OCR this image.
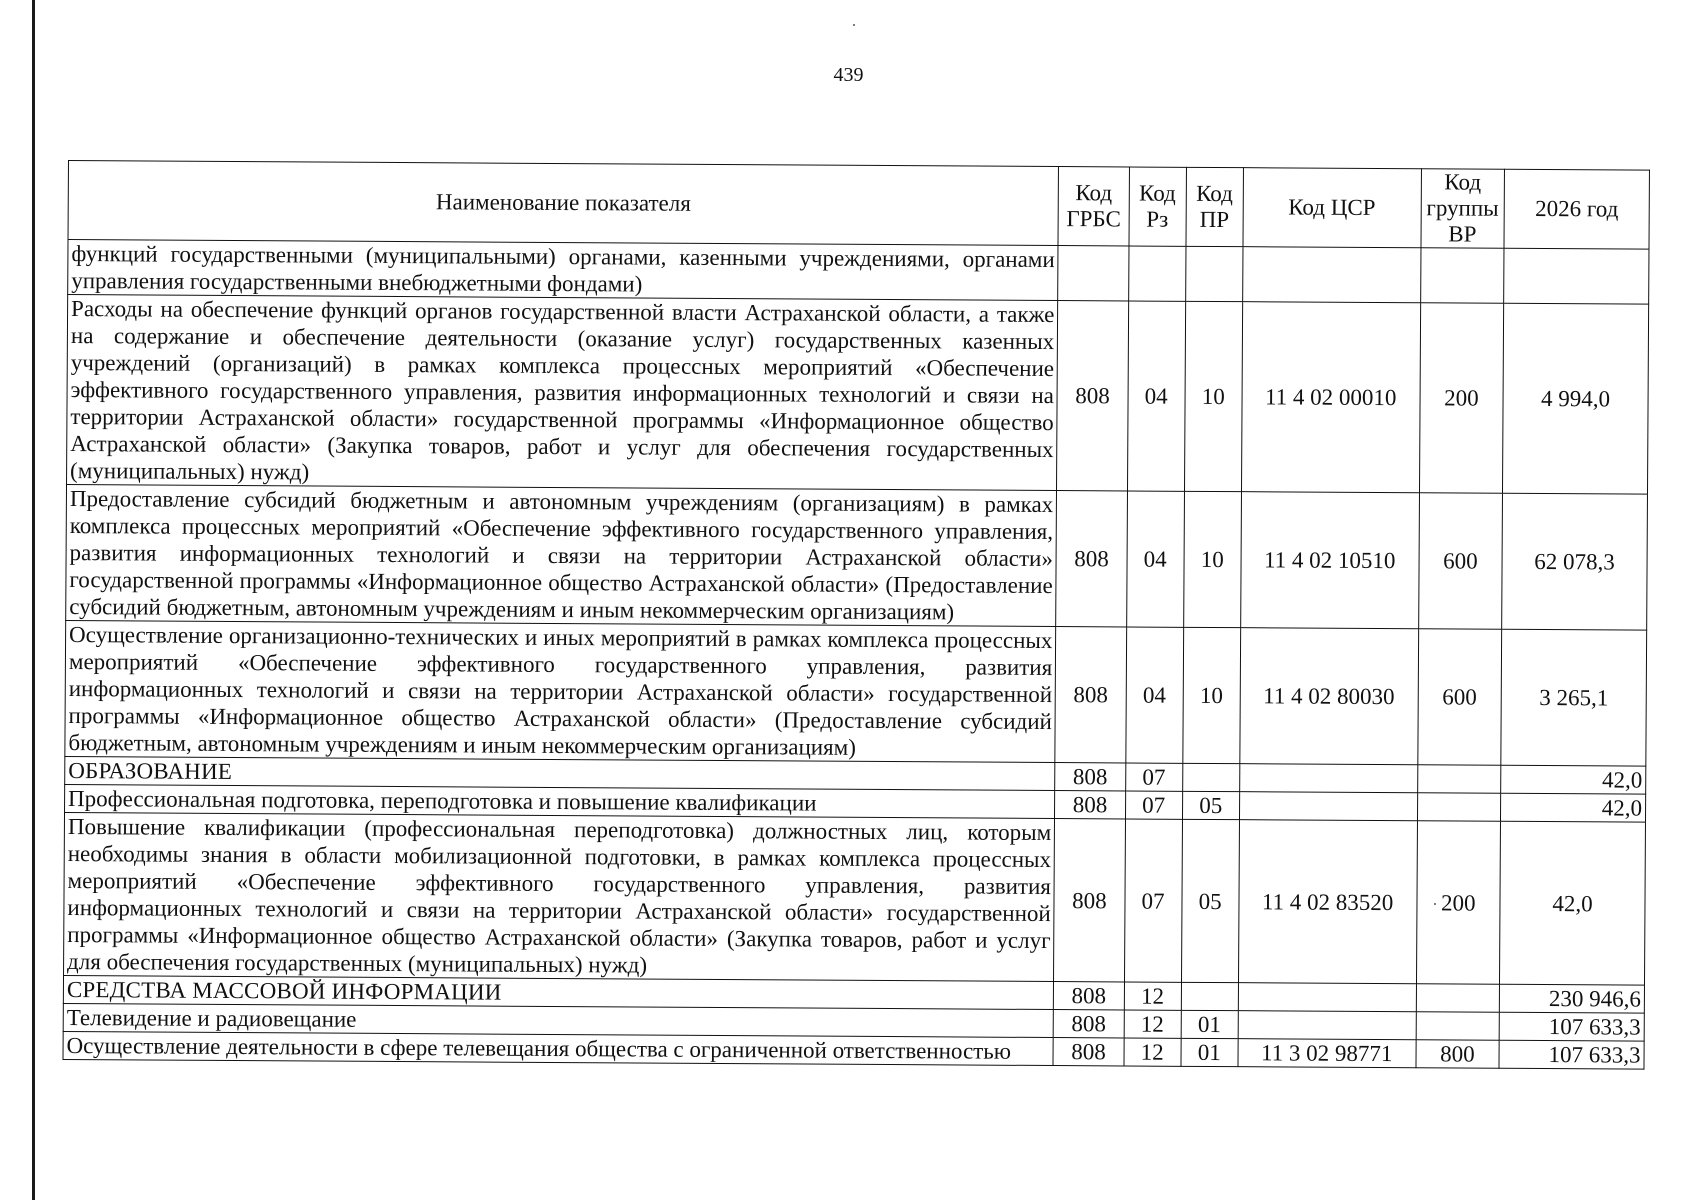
439
Наименование показателя	Код ГРБС	Код Рз	Код ПР	Код ЦСР	Код группы ВР	2026 год
функций государственными (муниципальными) органами, казенными учреждениями, органами управления государственными внебюджетными фондами)						
Расходы на обеспечение функций органов государственной власти Астраханской области, а также на содержание и обеспечение деятельности (оказание услуг) государственных казенных учреждений (организаций) в рамках комплекса процессных мероприятий «Обеспечение эффективного государственного управления, развития информационных технологий и связи на территории Астраханской области» государственной программы «Информационное общество Астраханской области» (Закупка товаров, работ и услуг для обеспечения государственных (муниципальных) нужд)	808	04	10	11 4 02 00010	200	4 994,0
Предоставление субсидий бюджетным и автономным учреждениям (организациям) в рамках комплекса процессных мероприятий «Обеспечение эффективного государственного управления, развития информационных технологий и связи на территории Астраханской области» государственной программы «Информационное общество Астраханской области» (Предоставление субсидий бюджетным, автономным учреждениям и иным некоммерческим организациям)	808	04	10	11 4 02 10510	600	62 078,3
Осуществление организационно-технических и иных мероприятий в рамках комплекса процессных мероприятий «Обеспечение эффективного государственного управления, развития информационных технологий и связи на территории Астраханской области» государственной программы «Информационное общество Астраханской области» (Предоставление субсидий бюджетным, автономным учреждениям и иным некоммерческим организациям)	808	04	10	11 4 02 80030	600	3 265,1
ОБРАЗОВАНИЕ	808	07				42,0
Профессиональная подготовка, переподготовка и повышение квалификации	808	07	05			42,0
Повышение квалификации (профессиональная переподготовка) должностных лиц, которым необходимы знания в области мобилизационной подготовки, в рамках комплекса процессных мероприятий «Обеспечение эффективного государственного управления, развития информационных технологий и связи на территории Астраханской области» государственной программы «Информационное общество Астраханской области» (Закупка товаров, работ и услуг для обеспечения государственных (муниципальных) нужд)	808	07	05	11 4 02 83520	200	42,0
СРЕДСТВА МАССОВОЙ ИНФОРМАЦИИ	808	12				230 946,6
Телевидение и радиовещание	808	12	01			107 633,3
Осуществление деятельности в сфере телевещания общества с ограниченной ответственностью	808	12	01	11 3 02 98771	800	107 633,3
